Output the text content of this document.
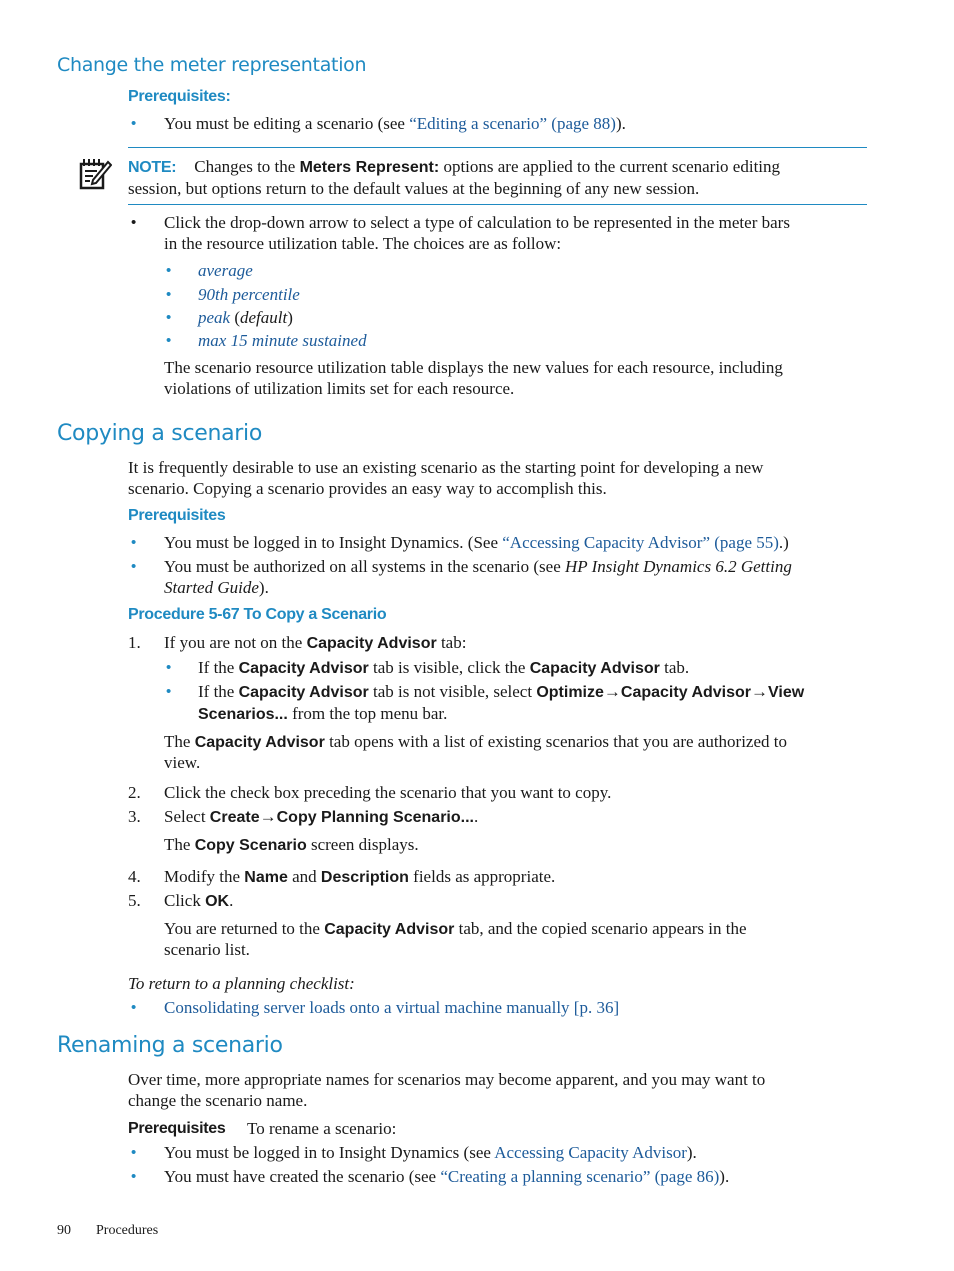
Change the meter representation
Prerequisites:
• You must be editing a scenario (see “Editing a scenario” (page 88)).
NOTE: Changes to the Meters Represent: options are applied to the current scenario editing
session, but options return to the default values at the beginning of any new session.
• Click the drop-down arrow to select a type of calculation to be represented in the meter bars
in the resource utilization table. The choices are as follow:
• average
• 90th percentile
• peak (default)
• max 15 minute sustained
The scenario resource utilization table displays the new values for each resource, including
violations of utilization limits set for each resource.
Copying a scenario
It is frequently desirable to use an existing scenario as the starting point for developing a new
scenario. Copying a scenario provides an easy way to accomplish this.
Prerequisites
• You must be logged in to Insight Dynamics. (See “Accessing Capacity Advisor” (page 55).)
• You must be authorized on all systems in the scenario (see HP Insight Dynamics 6.2 Getting
Started Guide).
Procedure 5-67 To Copy a Scenario
1. If you are not on the Capacity Advisor tab:
• If the Capacity Advisor tab is visible, click the Capacity Advisor tab.
• If the Capacity Advisor tab is not visible, select Optimize→Capacity Advisor→View
Scenarios... from the top menu bar.
The Capacity Advisor tab opens with a list of existing scenarios that you are authorized to
view.
2. Click the check box preceding the scenario that you want to copy.
3. Select Create→Copy Planning Scenario....
The Copy Scenario screen displays.
4. Modify the Name and Description fields as appropriate.
5. Click OK.
You are returned to the Capacity Advisor tab, and the copied scenario appears in the
scenario list.
To return to a planning checklist:
• Consolidating server loads onto a virtual machine manually [p. 36]
Renaming a scenario
Over time, more appropriate names for scenarios may become apparent, and you may want to
change the scenario name.
Prerequisites To rename a scenario:
• You must be logged in to Insight Dynamics (see Accessing Capacity Advisor).
• You must have created the scenario (see “Creating a planning scenario” (page 86)).
90 Procedures
